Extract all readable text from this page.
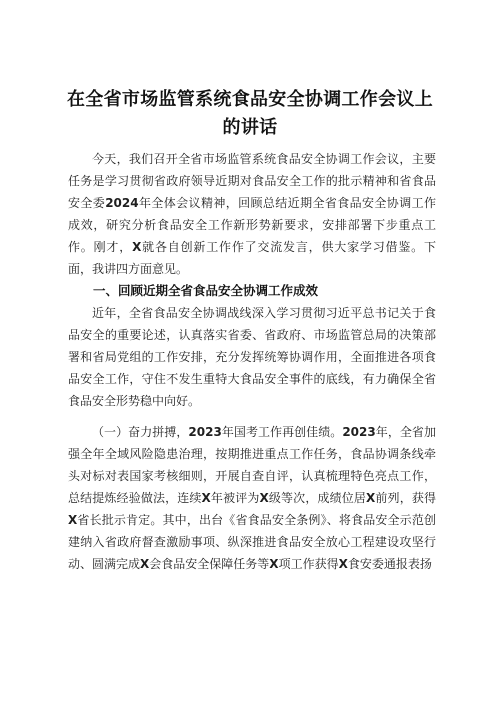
在全省市场监管系统食品安全协调工作会议上的讲话

今天，我们召开全省市场监管系统食品安全协调工作会议，主要任务是学习贯彻省政府领导近期对食品安全工作的批示精神和省食品安全委2024年全体会议精神，回顾总结近期全省食品安全协调工作成效，研究分析食品安全工作新形势新要求，安排部署下步重点工作。刚才，X就各自创新工作作了交流发言，供大家学习借鉴。下面，我讲四方面意见。

一、回顾近期全省食品安全协调工作成效

近年，全省食品安全协调战线深入学习贯彻习近平总书记关于食品安全的重要论述，认真落实省委、省政府、市场监管总局的决策部署和省局党组的工作安排，充分发挥统筹协调作用，全面推进各项食品安全工作，守住不发生重特大食品安全事件的底线，有力确保全省食品安全形势稳中向好。

（一）奋力拼搏，2023年国考工作再创佳绩。2023年，全省加强全年全域风险隐患治理，按期推进重点工作任务，食品协调条线牵头对标对表国家考核细则，开展自查自评，认真梳理特色亮点工作，总结提炼经验做法，连续X年被评为X级等次，成绩位居X前列，获得X省长批示肯定。其中，出台《省食品安全条例》、将食品安全示范创建纳入省政府督查激励事项、纵深推进食品安全放心工程建设攻坚行动、圆满完成X会食品安全保障任务等X项工作获得X食安委通报表扬
